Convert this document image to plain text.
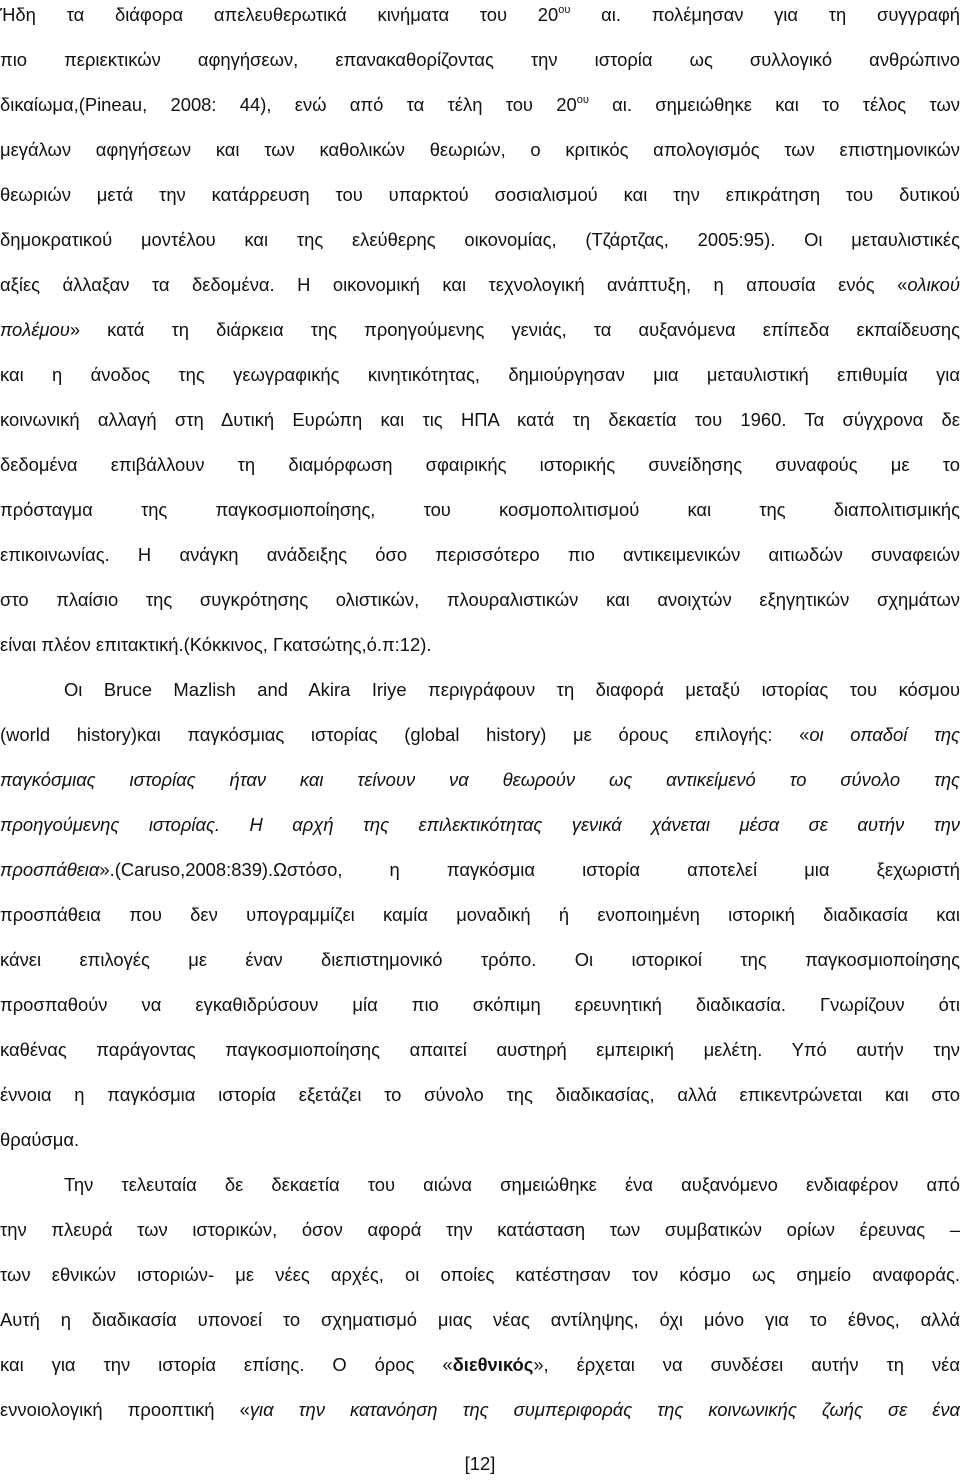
Ήδη τα διάφορα απελευθερωτικά κινήματα του $20^{o\upsilon}$ αι. πολέμησαν για τη συγγραφή
πιο περιεκτικών αφηγήσεων, επανακαθορίζοντας την ιστορία ως συλλογικό ανθρώπινο
δικαίωμα,(Pineau, 2008: 44), ενώ από τα τέλη του $20^{o\upsilon}$ αι. σημειώθηκε και το τέλος των
μεγάλων αφηγήσεων και των καθολικών θεωριών, ο κριτικός απολογισμός των επιστημονικών
θεωριών μετά την κατάρρευση του υπαρκτού σοσιαλισμού και την επικράτηση του δυτικού
δημοκρατικού μοντέλου και της ελεύθερης οικονομίας, (Τζάρτζας, 2005:95). Οι μεταυλιστικές
αξίες άλλαξαν τα δεδομένα. Η οικονομική και τεχνολογική ανάπτυξη, η απουσία ενός «ολικού
πολέμου» κατά τη διάρκεια της προηγούμενης γενιάς, τα αυξανόμενα επίπεδα εκπαίδευσης
και η άνοδος της γεωγραφικής κινητικότητας, δημιούργησαν μια μεταυλιστική επιθυμία για
κοινωνική αλλαγή στη Δυτική Ευρώπη και τις ΗΠΑ κατά τη δεκαετία του 1960. Τα σύγχρονα δε
δεδομένα επιβάλλουν τη διαμόρφωση σφαιρικής ιστορικής συνείδησης συναφούς με το
πρόσταγμα της παγκοσμιοποίησης, του κοσμοπολιτισμού και της διαπολιτισμικής
επικοινωνίας. Η ανάγκη ανάδειξης όσο περισσότερο πιο αντικειμενικών αιτιωδών συναφειών
στο πλαίσιο της συγκρότησης ολιστικών, πλουραλιστικών και ανοιχτών εξηγητικών σχημάτων
είναι πλέον επιτακτική.(Κόκκινος, Γκατσώτης,ό.π:12).
Οι Bruce Mazlish and Akira Iriye περιγράφουν τη διαφορά μεταξύ ιστορίας του κόσμου
(world history)και παγκόσμιας ιστορίας (global history) με όρους επιλογής: «οι οπαδοί της
παγκόσμιας ιστορίας ήταν και τείνουν να θεωρούν ως αντικείμενό το σύνολο της
προηγούμενης ιστορίας. Η αρχή της επιλεκτικότητας γενικά χάνεται μέσα σε αυτήν την
προσπάθεια».(Caruso,2008:839).Ωστόσο, η παγκόσμια ιστορία αποτελεί μια ξεχωριστή
προσπάθεια που δεν υπογραμμίζει καμία μοναδική ή ενοποιημένη ιστορική διαδικασία και
κάνει επιλογές με έναν διεπιστημονικό τρόπο. Οι ιστορικοί της παγκοσμιοποίησης
προσπαθούν να εγκαθιδρύσουν μία πιο σκόπιμη ερευνητική διαδικασία. Γνωρίζουν ότι
καθένας παράγοντας παγκοσμιοποίησης απαιτεί αυστηρή εμπειρική μελέτη. Υπό αυτήν την
έννοια η παγκόσμια ιστορία εξετάζει το σύνολο της διαδικασίας, αλλά επικεντρώνεται και στο
θραύσμα.
Την τελευταία δε δεκαετία του αιώνα σημειώθηκε ένα αυξανόμενο ενδιαφέρον από
την πλευρά των ιστορικών, όσον αφορά την κατάσταση των συμβατικών ορίων έρευνας –
των εθνικών ιστοριών- με νέες αρχές, οι οποίες κατέστησαν τον κόσμο ως σημείο αναφοράς.
Αυτή η διαδικασία υπονοεί το σχηματισμό μιας νέας αντίληψης, όχι μόνο για το έθνος, αλλά
και για την ιστορία επίσης. Ο όρος «διεθνικός», έρχεται να συνδέσει αυτήν τη νέα
εννοιολογική προοπτική «για την κατανόηση της συμπεριφοράς της κοινωνικής ζωής σε ένα
[12]
